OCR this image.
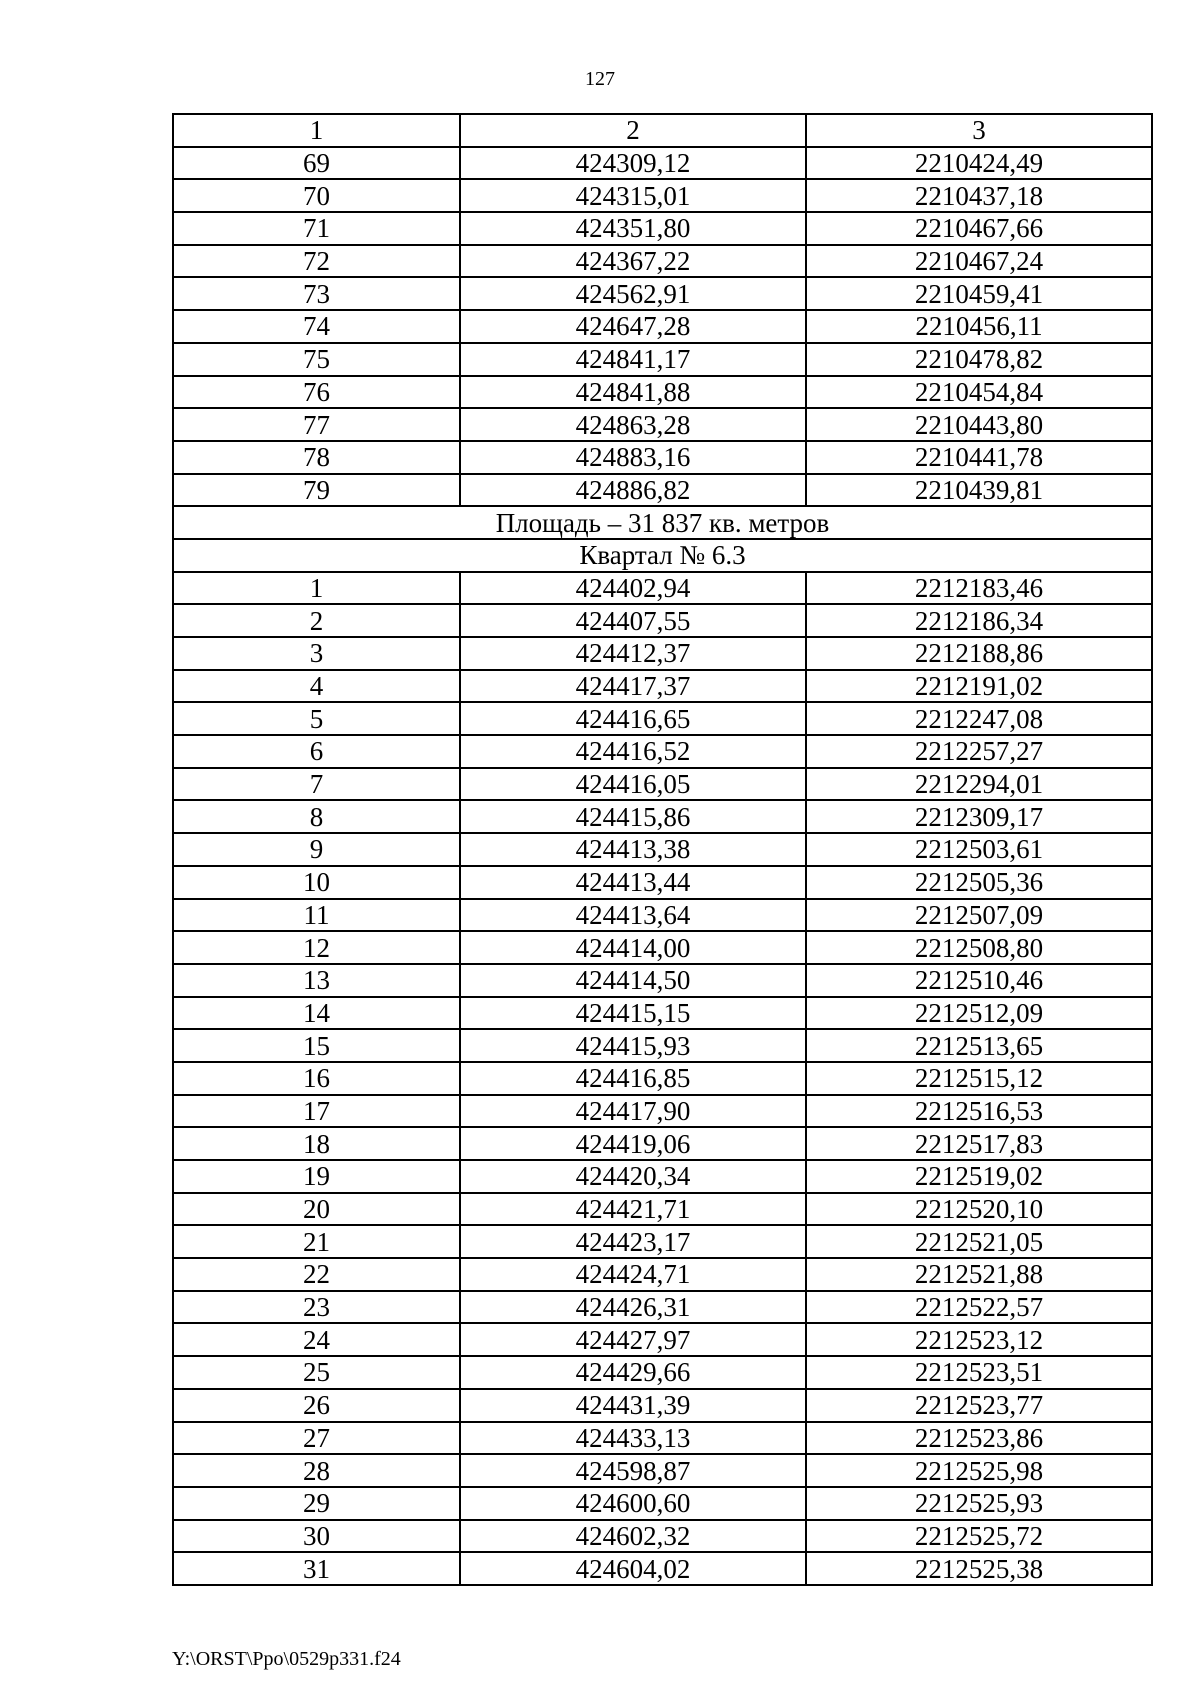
127
1	2	3
69	424309,12	2210424,49
70	424315,01	2210437,18
71	424351,80	2210467,66
72	424367,22	2210467,24
73	424562,91	2210459,41
74	424647,28	2210456,11
75	424841,17	2210478,82
76	424841,88	2210454,84
77	424863,28	2210443,80
78	424883,16	2210441,78
79	424886,82	2210439,81
Площадь – 31 837 кв. метров		
Квартал № 6.3		
1	424402,94	2212183,46
2	424407,55	2212186,34
3	424412,37	2212188,86
4	424417,37	2212191,02
5	424416,65	2212247,08
6	424416,52	2212257,27
7	424416,05	2212294,01
8	424415,86	2212309,17
9	424413,38	2212503,61
10	424413,44	2212505,36
11	424413,64	2212507,09
12	424414,00	2212508,80
13	424414,50	2212510,46
14	424415,15	2212512,09
15	424415,93	2212513,65
16	424416,85	2212515,12
17	424417,90	2212516,53
18	424419,06	2212517,83
19	424420,34	2212519,02
20	424421,71	2212520,10
21	424423,17	2212521,05
22	424424,71	2212521,88
23	424426,31	2212522,57
24	424427,97	2212523,12
25	424429,66	2212523,51
26	424431,39	2212523,77
27	424433,13	2212523,86
28	424598,87	2212525,98
29	424600,60	2212525,93
30	424602,32	2212525,72
31	424604,02	2212525,38
Y:\ORST\Ppo\0529p331.f24
